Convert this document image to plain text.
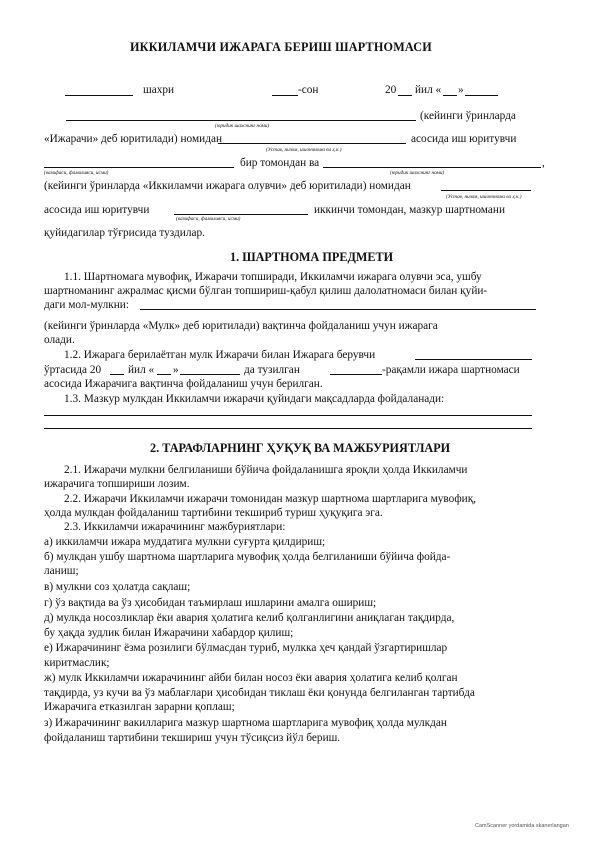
ИККИЛАМЧИ ИЖАРАГА БЕРИШ ШАРТНОМАСИ
шахри	-сон	20 йил « »
(кейинги ўринларда
(юридик шахснинг номи)
«Ижарачи» деб юритилади) номидан	асосида иш юритувчи
(Устав, низом, ишончнома ва ҳ.к.)
(вазифаси, фамилияси, исми)
бир томондан ва	,
(юридик шахснинг номи)
(кейинги ўринларда «Иккиламчи ижарага олувчи» деб юритилади) номидан
(Устав, низом, ишончнома ва ҳ.к.)
асосида иш юритувчи
(вазифаси, фамилияси, исми)
иккинчи томондан, мазкур шартномани
қуйидагилар тўғрисида туздилар.
1. ШАРТНОМА ПРЕДМЕТИ
1.1. Шартномага мувофиқ, Ижарачи топширади, Иккиламчи ижарага олувчи эса, ушбу
шартноманинг ажралмас қисми бўлган топшириш-қабул қилиш далолатномаси билан қуйи-
даги мол-мулкни:
(кейинги ўринларда «Мулк» деб юритилади) вақтинча фойдаланиш учун ижарага
олади.
1.2. Ижарага берилаётган мулк Ижарачи билан Ижарага берувчи
ўртасида 20 йил « »	да тузилган	-рақамли ижара шартномаси
асосида Ижарачига вақтинча фойдаланиш учун берилган.
1.3. Мазкур мулкдан Иккиламчи ижарачи қуйидаги мақсадларда фойдаланади:
2. ТАРАФЛАРНИНГ ҲУҚУҚ ВА МАЖБУРИЯТЛАРИ
2.1. Ижарачи мулкни белгиланиши бўйича фойдаланишга яроқли ҳолда Иккиламчи
ижарачига топшириши лозим.
2.2. Ижарачи Иккиламчи ижарачи томонидан мазкур шартнома шартларига мувофиқ,
ҳолда мулкдан фойдаланиш тартибини текшириб туриш ҳуқуқига эга.
2.3. Иккиламчи ижарачининг мажбуриятлари:
а) иккиламчи ижара муддатига мулкни суғурта қилдириш;
б) мулкдан ушбу шартнома шартларига мувофиқ ҳолда белгиланиши бўйича фойда-
ланиш;
в) мулкни соз ҳолатда сақлаш;
г) ўз вақтида ва ўз ҳисобидан таъмирлаш ишларини амалга ошириш;
д) мулкда носозликлар ёки авария ҳолатига келиб қолганлигини аниқлаган тақдирда,
бу ҳақда зудлик билан Ижарачини хабардор қилиш;
е) Ижарачининг ёзма розилиги бўлмасдан туриб, мулкка ҳеч қандай ўзгартиришлар
киритмаслик;
ж) мулк Иккиламчи ижарачининг айби билан носоз ёки авария ҳолатига келиб қолган
тақдирда, уз кучи ва ўз маблағлари ҳисобидан тиклаш ёки қонунда белгиланган тартибда
Ижарачига етказилган зарарни қоплаш;
з) Ижарачининг вакилларига мазкур шартнома шартларига мувофиқ ҳолда мулкдан
фойдаланиш тартибини текшириш учун тўсиқсиз йўл бериш.
CamScanner yordamida skanerlangan
